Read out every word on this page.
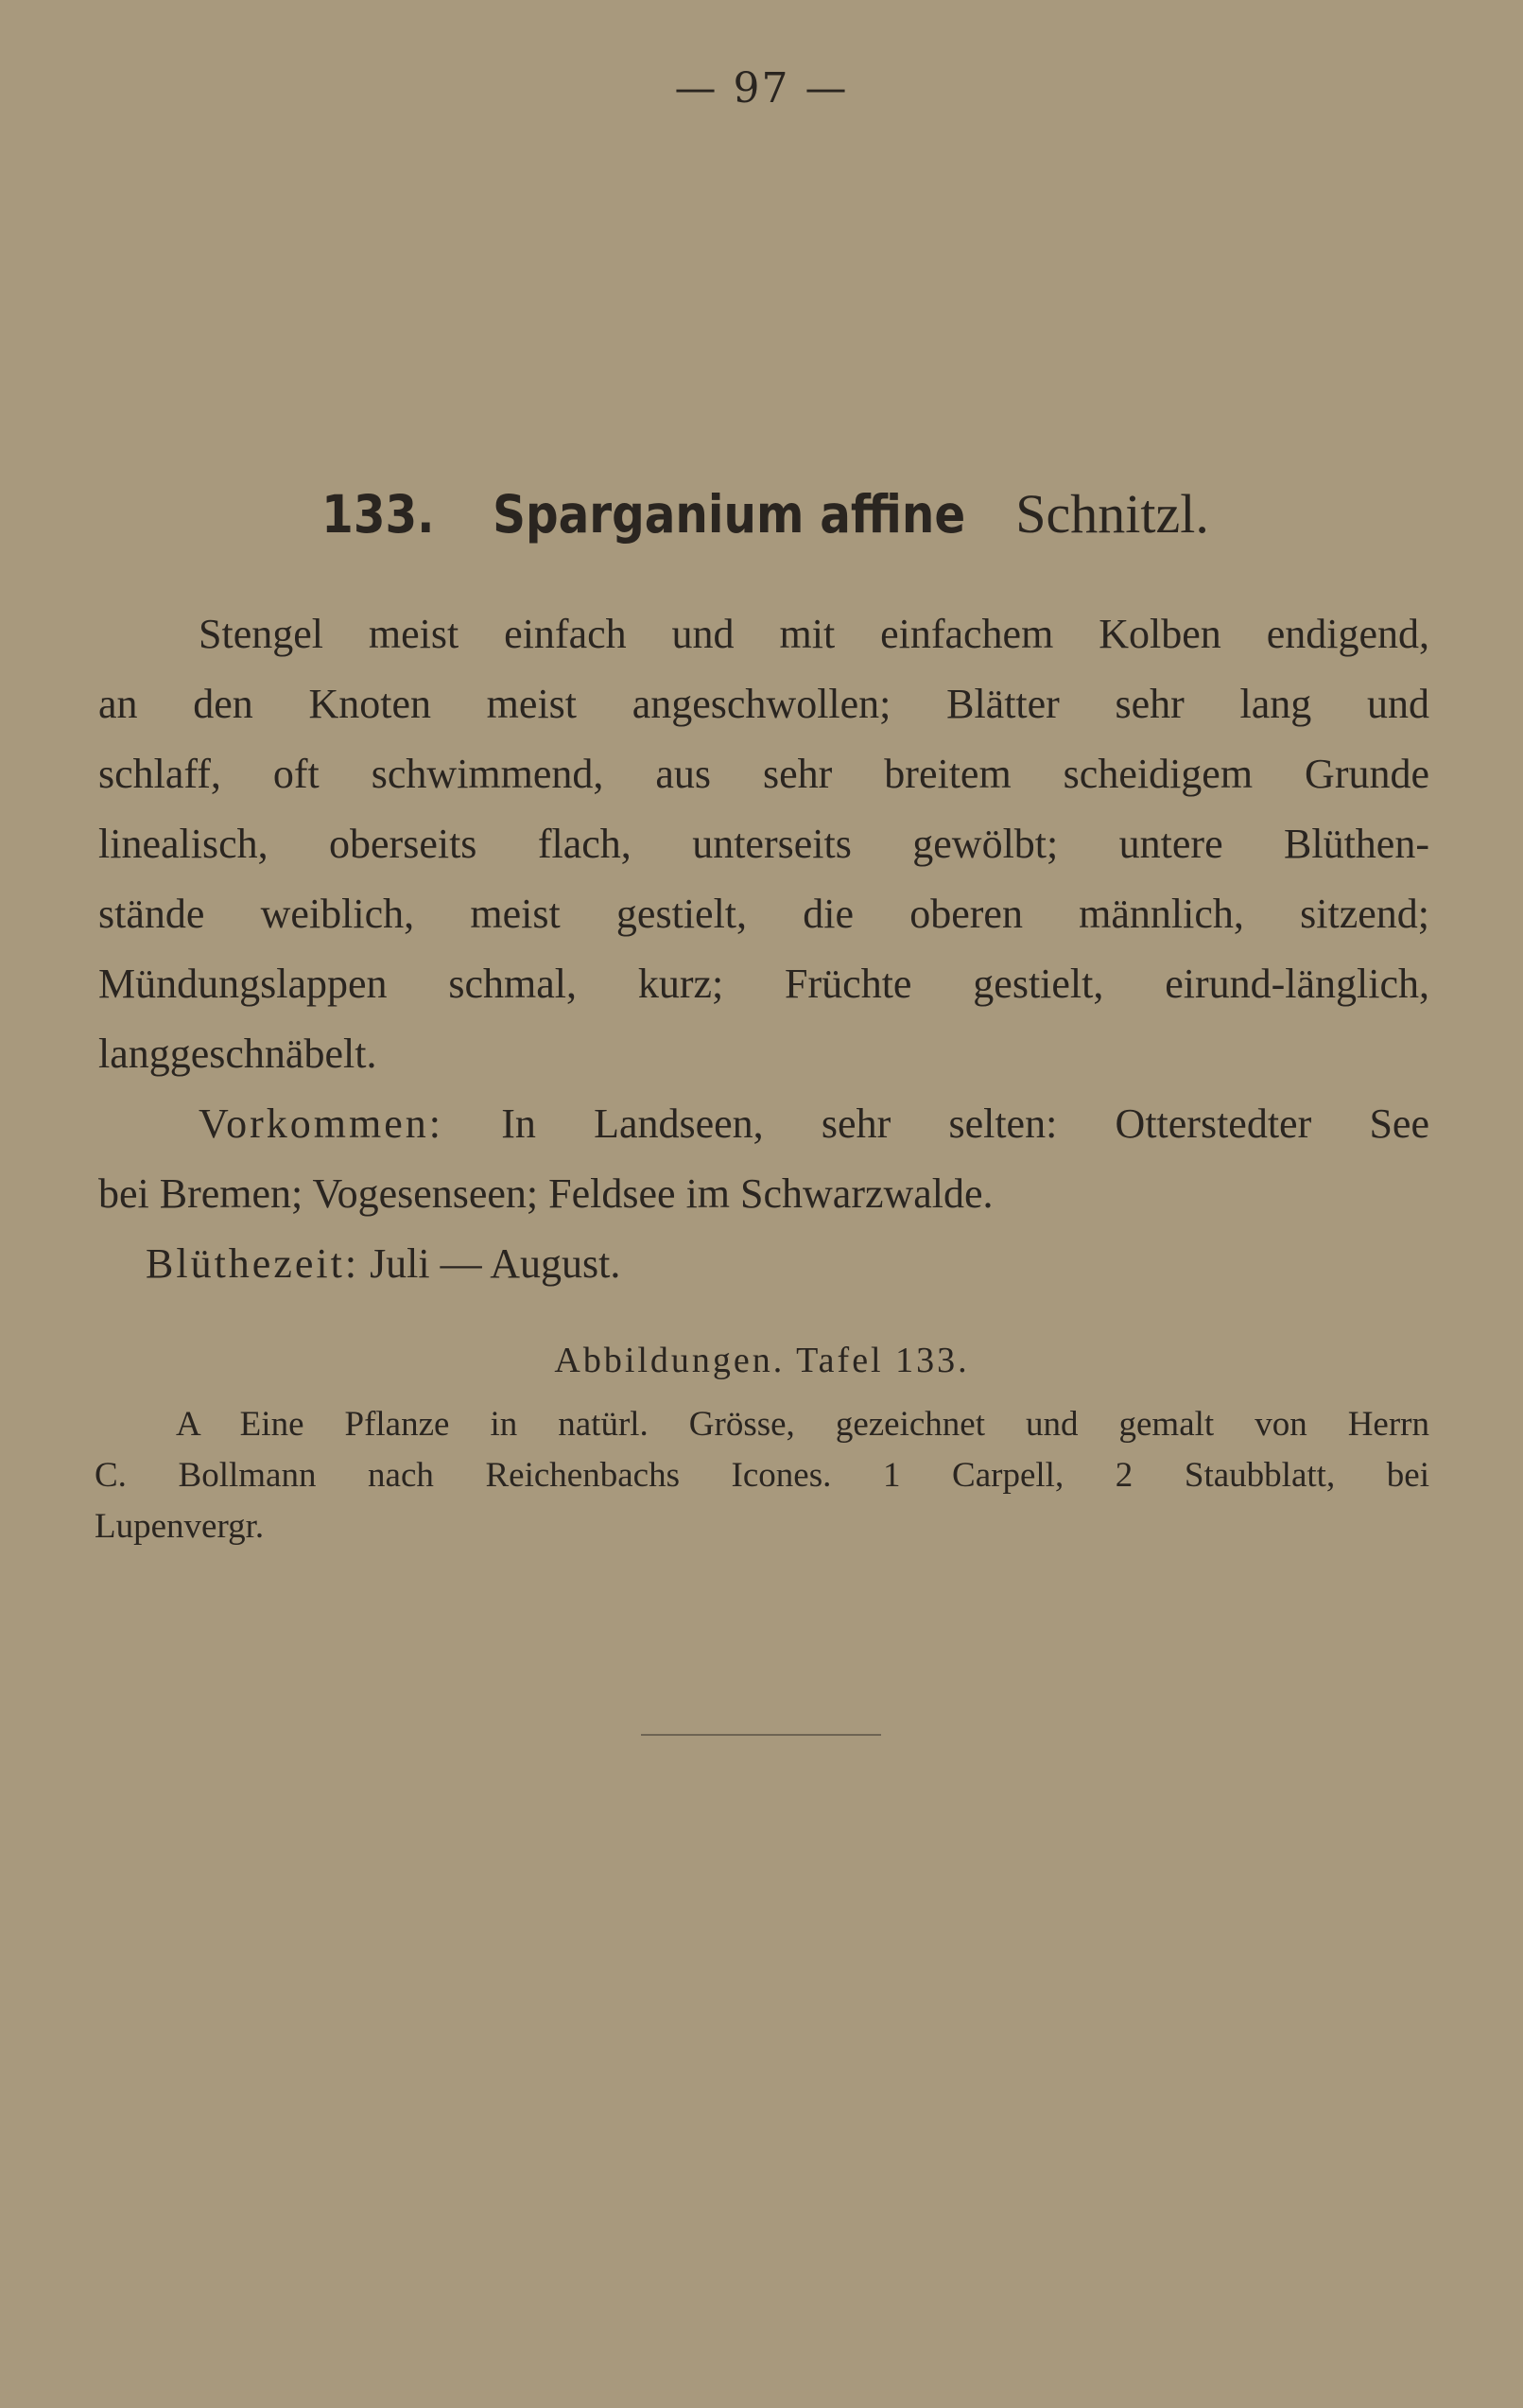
— 97 —
133. Sparganium affine Schnitzl.
Stengel meist einfach und mit einfachem Kolben endigend,
an den Knoten meist angeschwollen; Blätter sehr lang und
schlaff, oft schwimmend, aus sehr breitem scheidigem Grunde
linealisch, oberseits flach, unterseits gewölbt; untere Blüthen-
stände weiblich, meist gestielt, die oberen männlich, sitzend;
Mündungslappen schmal, kurz; Früchte gestielt, eirund-länglich,
langgeschnäbelt.
Vorkommen: In Landseen, sehr selten: Otterstedter See
bei Bremen; Vogesenseen; Feldsee im Schwarzwalde.
Blüthezeit: Juli — August.
Abbildungen. Tafel 133.
A Eine Pflanze in natürl. Grösse, gezeichnet und gemalt von Herrn
C. Bollmann nach Reichenbachs Icones. 1 Carpell, 2 Staubblatt, bei
Lupenvergr.
